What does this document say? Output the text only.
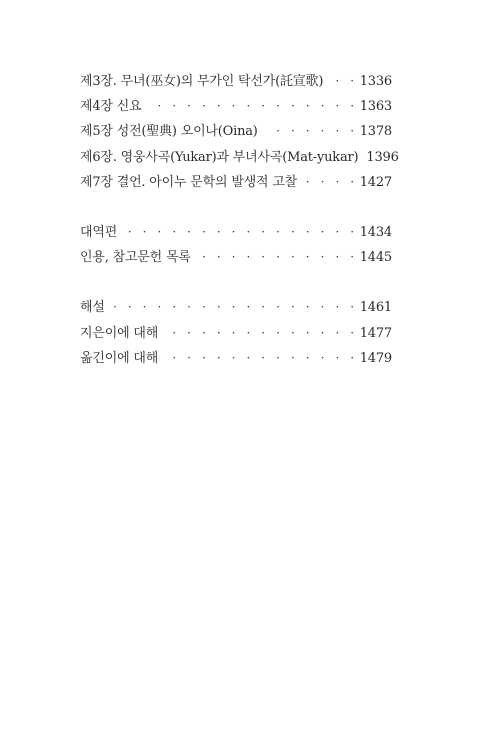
제3장. 무녀(巫女)의 무가인 탁선가(託宣歌) · · ·	1336
제4장 신요 · · ·	1363
제5장 성전(聖典) 오이나(Oina) · · ·	1378
제6장. 영웅사곡(Yukar)과 부녀사곡(Mat-yukar) 1396
제7장 결언. 아이누 문학의 발생적 고찰 · · ·	1427
대역편 · · ·	1434
인용, 참고문헌 목록 · · ·	1445
해설 · · ·	1461
지은이에 대해 · · ·	1477
옮긴이에 대해 · · ·	1479
